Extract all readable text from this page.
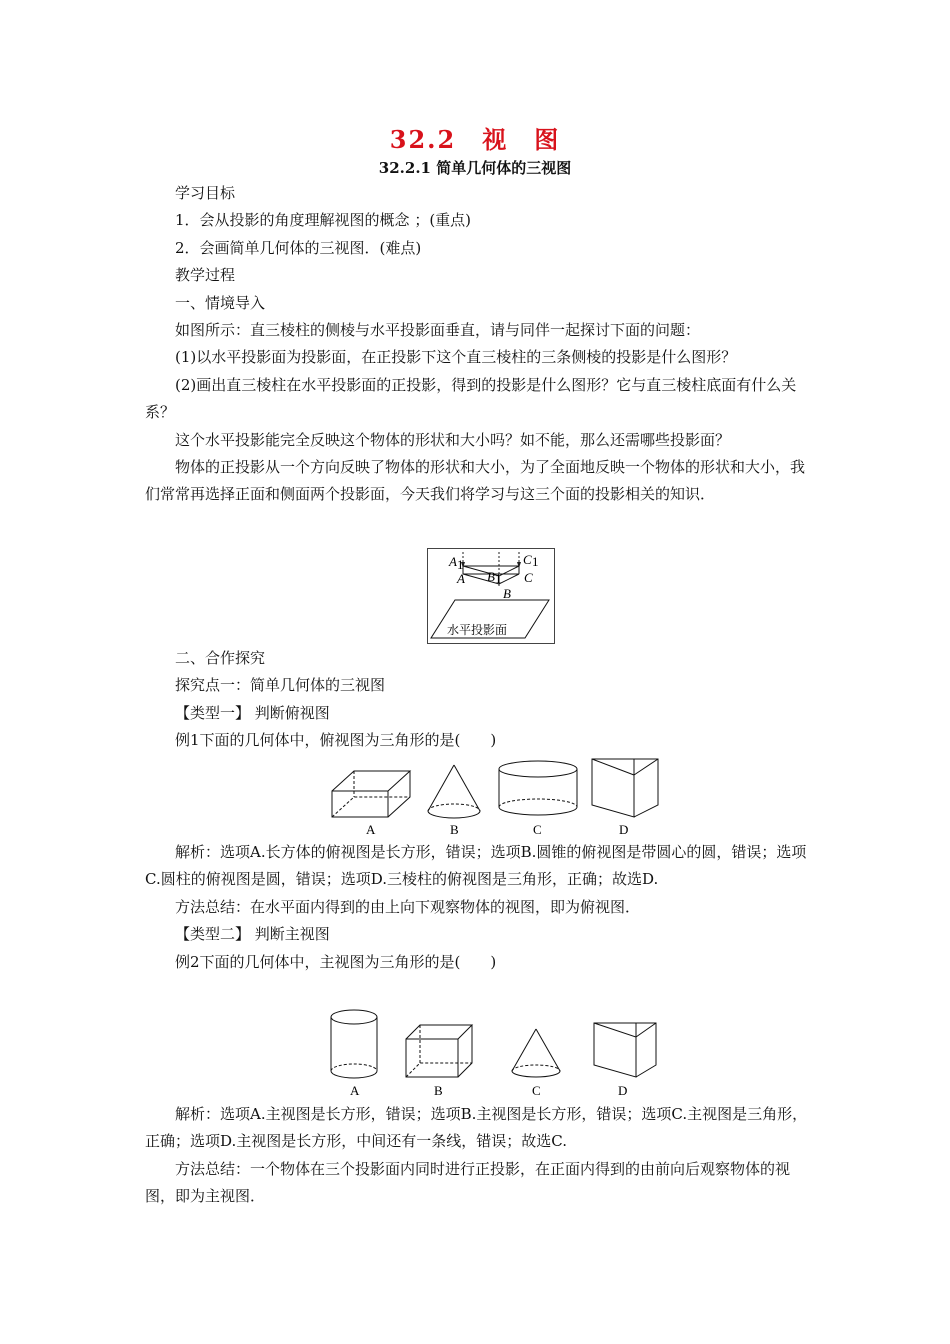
32.2　视　图
32.2.1 简单几何体的三视图

学习目标

1．会从投影的角度理解视图的概念 ；(重点)

2．会画简单几何体的三视图．(难点)

教学过程

一、情境导入

如图所示：直三棱柱的侧棱与水平投影面垂直，请与同伴一起探讨下面的问题：

(1)以水平投影面为投影面，在正投影下这个直三棱柱的三条侧棱的投影是什么图形？

(2)画出直三棱柱在水平投影面的正投影，得到的投影是什么图形？它与直三棱柱底面有什么关系？

这个水平投影能完全反映这个物体的形状和大小吗？如不能，那么还需哪些投影面？

物体的正投影从一个方向反映了物体的形状和大小，为了全面地反映一个物体的形状和大小，我们常常再选择正面和侧面两个投影面，今天我们将学习与这三个面的投影相关的知识．

A 1
A B 1
C 1
C
B
水平投影面

二、合作探究

探究点一：简单几何体的三视图

【类型一】 判断俯视图

例1下面的几何体中，俯视图为三角形的是(　　)

A	B	C	D

解析：选项A.长方体的俯视图是长方形，错误；选项B.圆锥的俯视图是带圆心的圆，错误；选项C.圆柱的俯视图是圆，错误；选项D.三棱柱的俯视图是三角形，正确；故选D.

方法总结：在水平面内得到的由上向下观察物体的视图，即为俯视图．

【类型二】 判断主视图

例2下面的几何体中，主视图为三角形的是(　　)

A	B	C	D

解析：选项A.主视图是长方形，错误；选项B.主视图是长方形，错误；选项C.主视图是三角形，正确；选项D.主视图是长方形，中间还有一条线，错误；故选C.

方法总结：一个物体在三个投影面内同时进行正投影，在正面内得到的由前向后观察物体的视图，即为主视图．
